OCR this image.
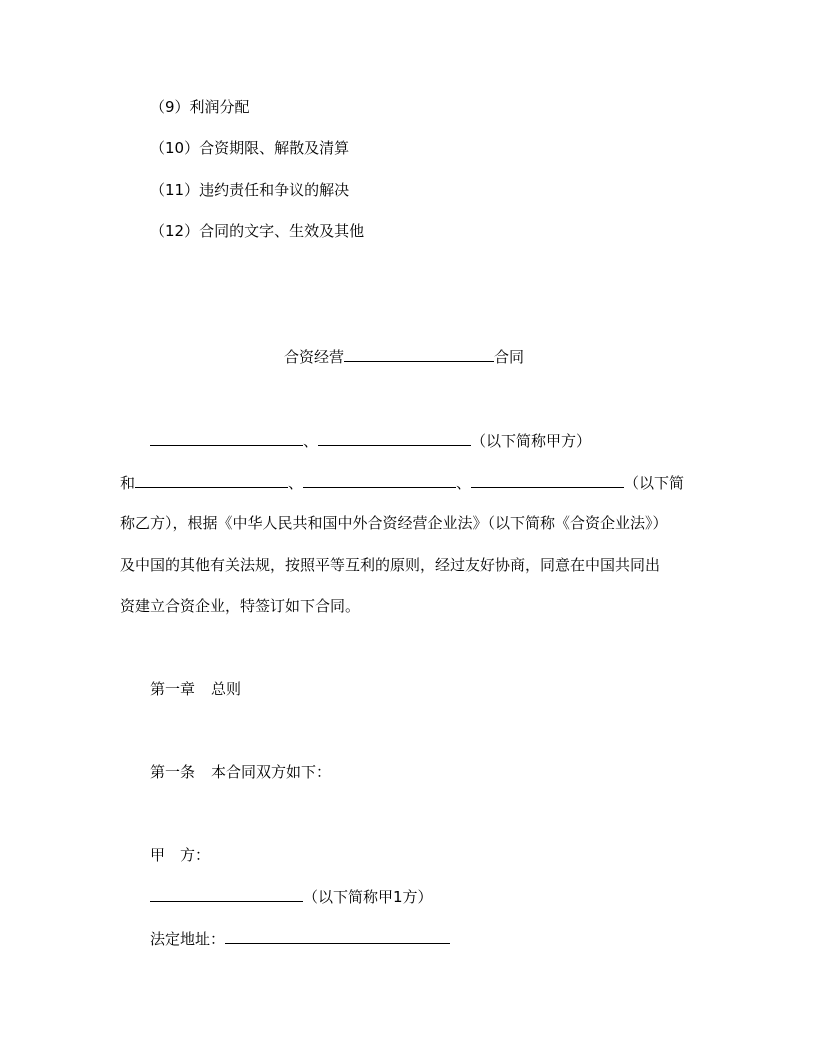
（9）利润分配
（10）合资期限、解散及清算
（11）违约责任和争议的解决
（12）合同的文字、生效及其他
合资经营	合同
、	（以下简称甲方）
和	、	、	（以下简
称乙方），根据《中华人民共和国中外合资经营企业法》（以下简称《合资企业法》）
及中国的其他有关法规，按照平等互利的原则，经过友好协商，同意在中国共同出
资建立合资企业，特签订如下合同。
第一章 总则
第一条 本合同双方如下：
甲　方：
（以下简称甲1方）
法定地址：
